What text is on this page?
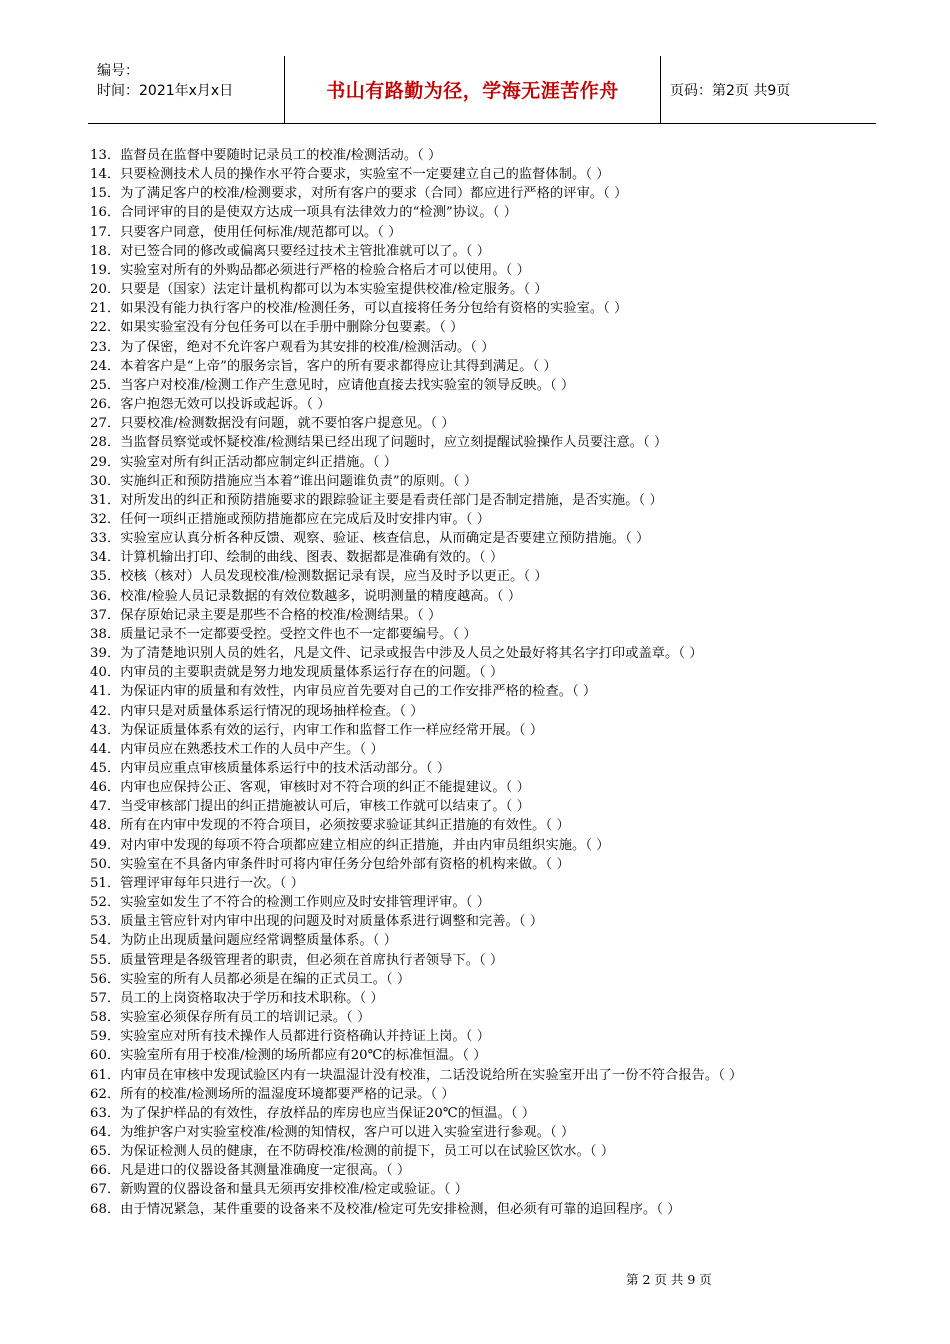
编号：
时间：2021年x月x日	书山有路勤为径，学海无涯苦作舟	页码：第2页 共9页
13．监督员在监督中要随时记录员工的校准/检测活动。（ ）
14．只要检测技术人员的操作水平符合要求，实验室不一定要建立自己的监督体制。（ ）
15．为了满足客户的校准/检测要求，对所有客户的要求（合同）都应进行严格的评审。（ ）
16．合同评审的目的是使双方达成一项具有法律效力的“检测”协议。（ ）
17．只要客户同意，使用任何标准/规范都可以。（ ）
18．对已签合同的修改或偏离只要经过技术主管批准就可以了。（ ）
19．实验室对所有的外购品都必须进行严格的检验合格后才可以使用。（ ）
20．只要是（国家）法定计量机构都可以为本实验室提供校准/检定服务。（ ）
21．如果没有能力执行客户的校准/检测任务，可以直接将任务分包给有资格的实验室。（ ）
22．如果实验室没有分包任务可以在手册中删除分包要素。（ ）
23．为了保密，绝对不允许客户观看为其安排的校准/检测活动。（ ）
24．本着客户是“上帝”的服务宗旨，客户的所有要求都得应让其得到满足。（ ）
25．当客户对校准/检测工作产生意见时，应请他直接去找实验室的领导反映。（ ）
26．客户抱怨无效可以投诉或起诉。（ ）
27．只要校准/检测数据没有问题，就不要怕客户提意见。（ ）
28．当监督员察觉或怀疑校准/检测结果已经出现了问题时，应立刻提醒试验操作人员要注意。（ ）
29．实验室对所有纠正活动都应制定纠正措施。（ ）
30．实施纠正和预防措施应当本着“谁出问题谁负责”的原则。（ ）
31．对所发出的纠正和预防措施要求的跟踪验证主要是看责任部门是否制定措施，是否实施。（ ）
32．任何一项纠正措施或预防措施都应在完成后及时安排内审。（ ）
33．实验室应认真分析各种反馈、观察、验证、核查信息，从而确定是否要建立预防措施。（ ）
34．计算机输出打印、绘制的曲线、图表、数据都是准确有效的。（ ）
35．校核（核对）人员发现校准/检测数据记录有误，应当及时予以更正。（ ）
36．校准/检验人员记录数据的有效位数越多，说明测量的精度越高。（ ）
37．保存原始记录主要是那些不合格的校准/检测结果。（ ）
38．质量记录不一定都要受控。受控文件也不一定都要编号。（ ）
39．为了清楚地识别人员的姓名，凡是文件、记录或报告中涉及人员之处最好将其名字打印或盖章。（ ）
40．内审员的主要职责就是努力地发现质量体系运行存在的问题。（ ）
41．为保证内审的质量和有效性，内审员应首先要对自己的工作安排严格的检查。（ ）
42．内审只是对质量体系运行情况的现场抽样检查。（ ）
43．为保证质量体系有效的运行，内审工作和监督工作一样应经常开展。（ ）
44．内审员应在熟悉技术工作的人员中产生。（ ）
45．内审员应重点审核质量体系运行中的技术活动部分。（ ）
46．内审也应保持公正、客观，审核时对不符合项的纠正不能提建议。（ ）
47．当受审核部门提出的纠正措施被认可后，审核工作就可以结束了。（ ）
48．所有在内审中发现的不符合项目，必须按要求验证其纠正措施的有效性。（ ）
49．对内审中发现的每项不符合项都应建立相应的纠正措施，并由内审员组织实施。（ ）
50．实验室在不具备内审条件时可将内审任务分包给外部有资格的机构来做。（ ）
51．管理评审每年只进行一次。（ ）
52．实验室如发生了不符合的检测工作则应及时安排管理评审。（ ）
53．质量主管应针对内审中出现的问题及时对质量体系进行调整和完善。（ ）
54．为防止出现质量问题应经常调整质量体系。（ ）
55．质量管理是各级管理者的职责，但必须在首席执行者领导下。（ ）
56．实验室的所有人员都必须是在编的正式员工。（ ）
57．员工的上岗资格取决于学历和技术职称。（ ）
58．实验室必须保存所有员工的培训记录。（ ）
59．实验室应对所有技术操作人员都进行资格确认并持证上岗。（ ）
60．实验室所有用于校准/检测的场所都应有20℃的标准恒温。（ ）
61．内审员在审核中发现试验区内有一块温湿计没有校准，二话没说给所在实验室开出了一份不符合报告。（ ）
62．所有的校准/检测场所的温湿度环境都要严格的记录。（ ）
63．为了保护样品的有效性，存放样品的库房也应当保证20℃的恒温。（ ）
64．为维护客户对实验室校准/检测的知情权，客户可以进入实验室进行参观。（ ）
65．为保证检测人员的健康，在不防碍校准/检测的前提下，员工可以在试验区饮水。（ ）
66．凡是进口的仪器设备其测量准确度一定很高。（ ）
67．新购置的仪器设备和量具无须再安排校准/检定或验证。（ ）
68．由于情况紧急，某件重要的设备来不及校准/检定可先安排检测，但必须有可靠的追回程序。（ ）
第 2 页 共 9 页
